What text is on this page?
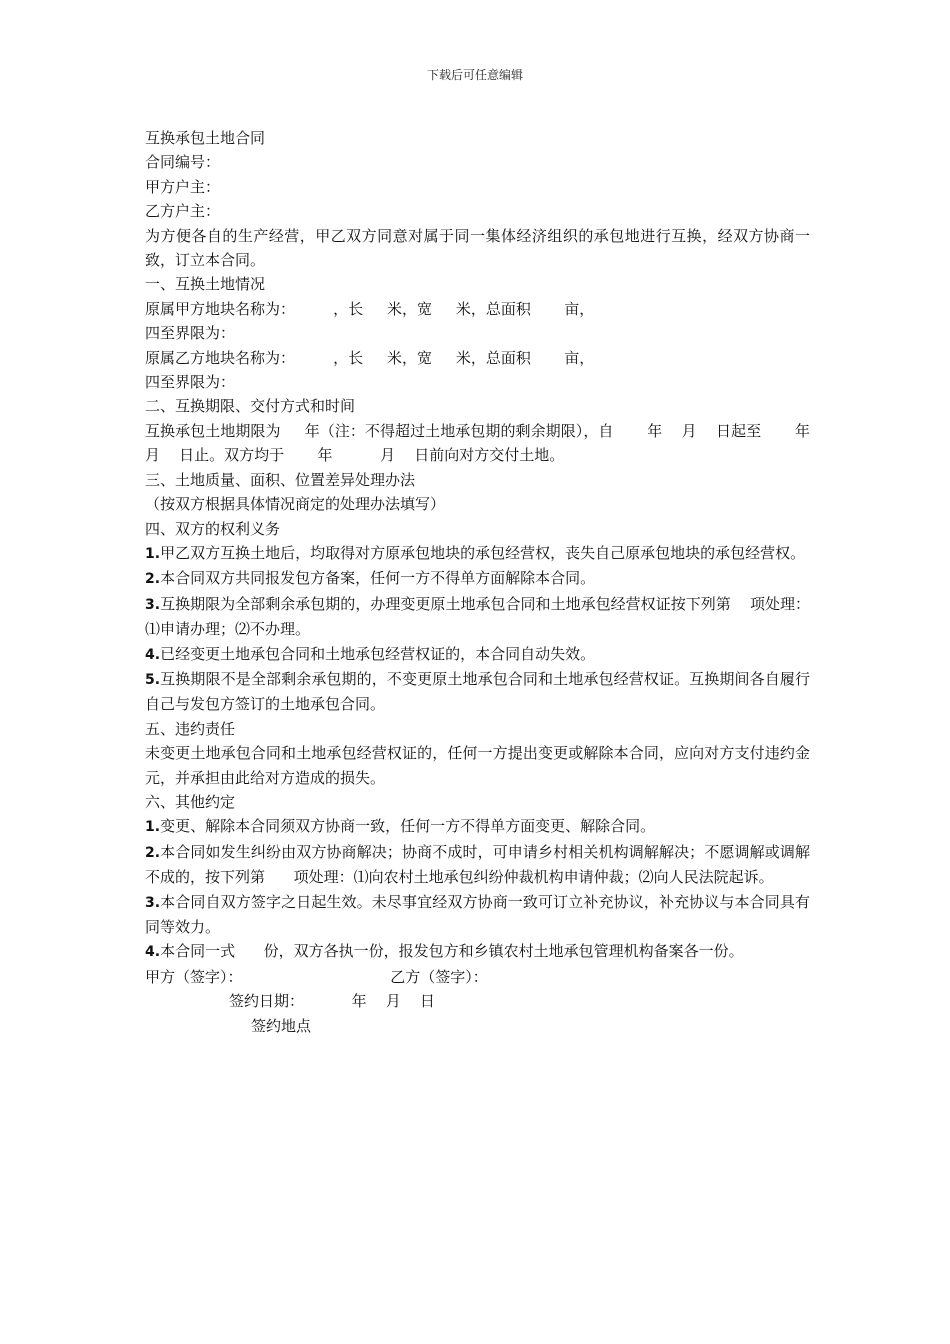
下载后可任意编辑

互换承包土地合同

合同编号：

甲方户主：

乙方户主：

为方便各自的生产经营，甲乙双方同意对属于同一集体经济组织的承包地进行互换，经双方协商一致，订立本合同。

一、互换土地情况

原属甲方地块名称为：        ，长     米，宽     米，总面积       亩，

四至界限为：

原属乙方地块名称为：        ，长     米，宽     米，总面积       亩，

四至界限为：

二、互换期限、交付方式和时间

互换承包土地期限为     年（注：不得超过土地承包期的剩余期限），自       年    月    日起至       年    月    日止。双方均于       年          月    日前向对方交付土地。

三、土地质量、面积、位置差异处理办法

（按双方根据具体情况商定的处理办法填写）

四、双方的权利义务

1.甲乙双方互换土地后，均取得对方原承包地块的承包经营权，丧失自己原承包地块的承包经营权。

2.本合同双方共同报发包方备案，任何一方不得单方面解除本合同。

3.互换期限为全部剩余承包期的，办理变更原土地承包合同和土地承包经营权证按下列第    项处理：⑴申请办理；⑵不办理。

4.已经变更土地承包合同和土地承包经营权证的，本合同自动失效。

5.互换期限不是全部剩余承包期的，不变更原土地承包合同和土地承包经营权证。互换期间各自履行自己与发包方签订的土地承包合同。

五、违约责任

未变更土地承包合同和土地承包经营权证的，任何一方提出变更或解除本合同，应向对方支付违约金      元，并承担由此给对方造成的损失。

六、其他约定

1.变更、解除本合同须双方协商一致，任何一方不得单方面变更、解除合同。

2.本合同如发生纠纷由双方协商解决；协商不成时，可申请乡村相关机构调解解决；不愿调解或调解不成的，按下列第      项处理：⑴向农村土地承包纠纷仲裁机构申请仲裁；⑵向人民法院起诉。

3.本合同自双方签字之日起生效。未尽事宜经双方协商一致可订立补充协议，补充协议与本合同具有同等效力。

4.本合同一式      份，双方各执一份，报发包方和乡镇农村土地承包管理机构备案各一份。

甲方（签字）：                               乙方（签字）：

签约日期：          年    月    日

签约地点
